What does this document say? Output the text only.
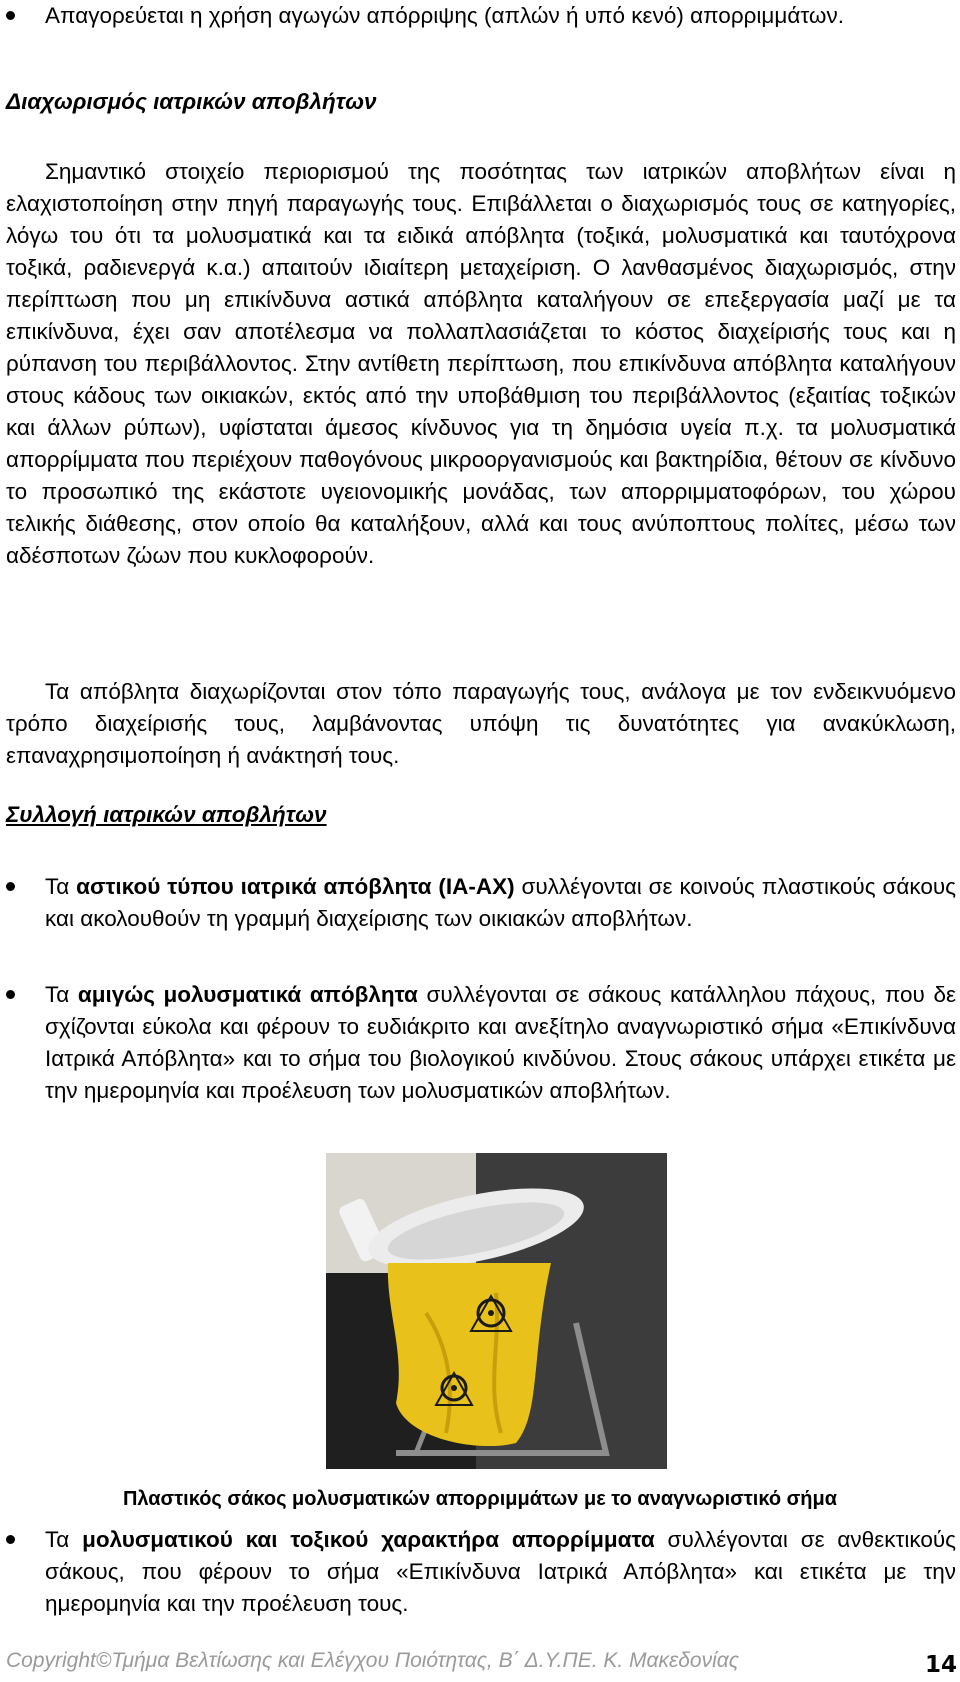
Απαγορεύεται η χρήση αγωγών απόρριψης (απλών ή υπό κενό) απορριμμάτων.
Διαχωρισμός ιατρικών αποβλήτων
Σημαντικό στοιχείο περιορισμού της ποσότητας των ιατρικών αποβλήτων είναι η ελαχιστοποίηση στην πηγή παραγωγής τους. Επιβάλλεται ο διαχωρισμός τους σε κατηγορίες, λόγω του ότι τα μολυσματικά και τα ειδικά απόβλητα (τοξικά, μολυσματικά και ταυτόχρονα τοξικά, ραδιενεργά κ.α.) απαιτούν ιδιαίτερη μεταχείριση. Ο λανθασμένος διαχωρισμός, στην περίπτωση που μη επικίνδυνα αστικά απόβλητα καταλήγουν σε επεξεργασία μαζί με τα επικίνδυνα, έχει σαν αποτέλεσμα να πολλαπλασιάζεται το κόστος διαχείρισής τους και η ρύπανση του περιβάλλοντος. Στην αντίθετη περίπτωση, που επικίνδυνα απόβλητα καταλήγουν στους κάδους των οικιακών, εκτός από την υποβάθμιση του περιβάλλοντος (εξαιτίας τοξικών και άλλων ρύπων), υφίσταται άμεσος κίνδυνος για τη δημόσια υγεία π.χ. τα μολυσματικά απορρίμματα που περιέχουν παθογόνους μικροοργανισμούς και βακτηρίδια, θέτουν σε κίνδυνο το προσωπικό της εκάστοτε υγειονομικής μονάδας, των απορριμματοφόρων, του χώρου τελικής διάθεσης, στον οποίο θα καταλήξουν, αλλά και τους ανύποπτους πολίτες, μέσω των αδέσποτων ζώων που κυκλοφορούν.
Τα απόβλητα διαχωρίζονται στον τόπο παραγωγής τους, ανάλογα με τον ενδεικνυόμενο τρόπο διαχείρισής τους, λαμβάνοντας υπόψη τις δυνατότητες για ανακύκλωση, επαναχρησιμοποίηση ή ανάκτησή τους.
Συλλογή ιατρικών αποβλήτων
Τα αστικού τύπου ιατρικά απόβλητα (ΙΑ-ΑΧ) συλλέγονται σε κοινούς πλαστικούς σάκους και ακολουθούν τη γραμμή διαχείρισης των οικιακών αποβλήτων.
Τα αμιγώς μολυσματικά απόβλητα συλλέγονται σε σάκους κατάλληλου πάχους, που δε σχίζονται εύκολα και φέρουν το ευδιάκριτο και ανεξίτηλο αναγνωριστικό σήμα «Επικίνδυνα Ιατρικά Απόβλητα» και το σήμα του βιολογικού κινδύνου. Στους σάκους υπάρχει ετικέτα με την ημερομηνία και προέλευση των μολυσματικών αποβλήτων.
Πλαστικός σάκος μολυσματικών απορριμμάτων με το αναγνωριστικό σήμα
Τα μολυσματικού και τοξικού χαρακτήρα απορρίμματα συλλέγονται σε ανθεκτικούς σάκους, που φέρουν το σήμα «Επικίνδυνα Ιατρικά Απόβλητα» και ετικέτα με την ημερομηνία και την προέλευση τους.
Copyright©Τμήμα Βελτίωσης και Ελέγχου Ποιότητας, Β΄ Δ.Υ.ΠΕ. Κ. Μακεδονίας	14
